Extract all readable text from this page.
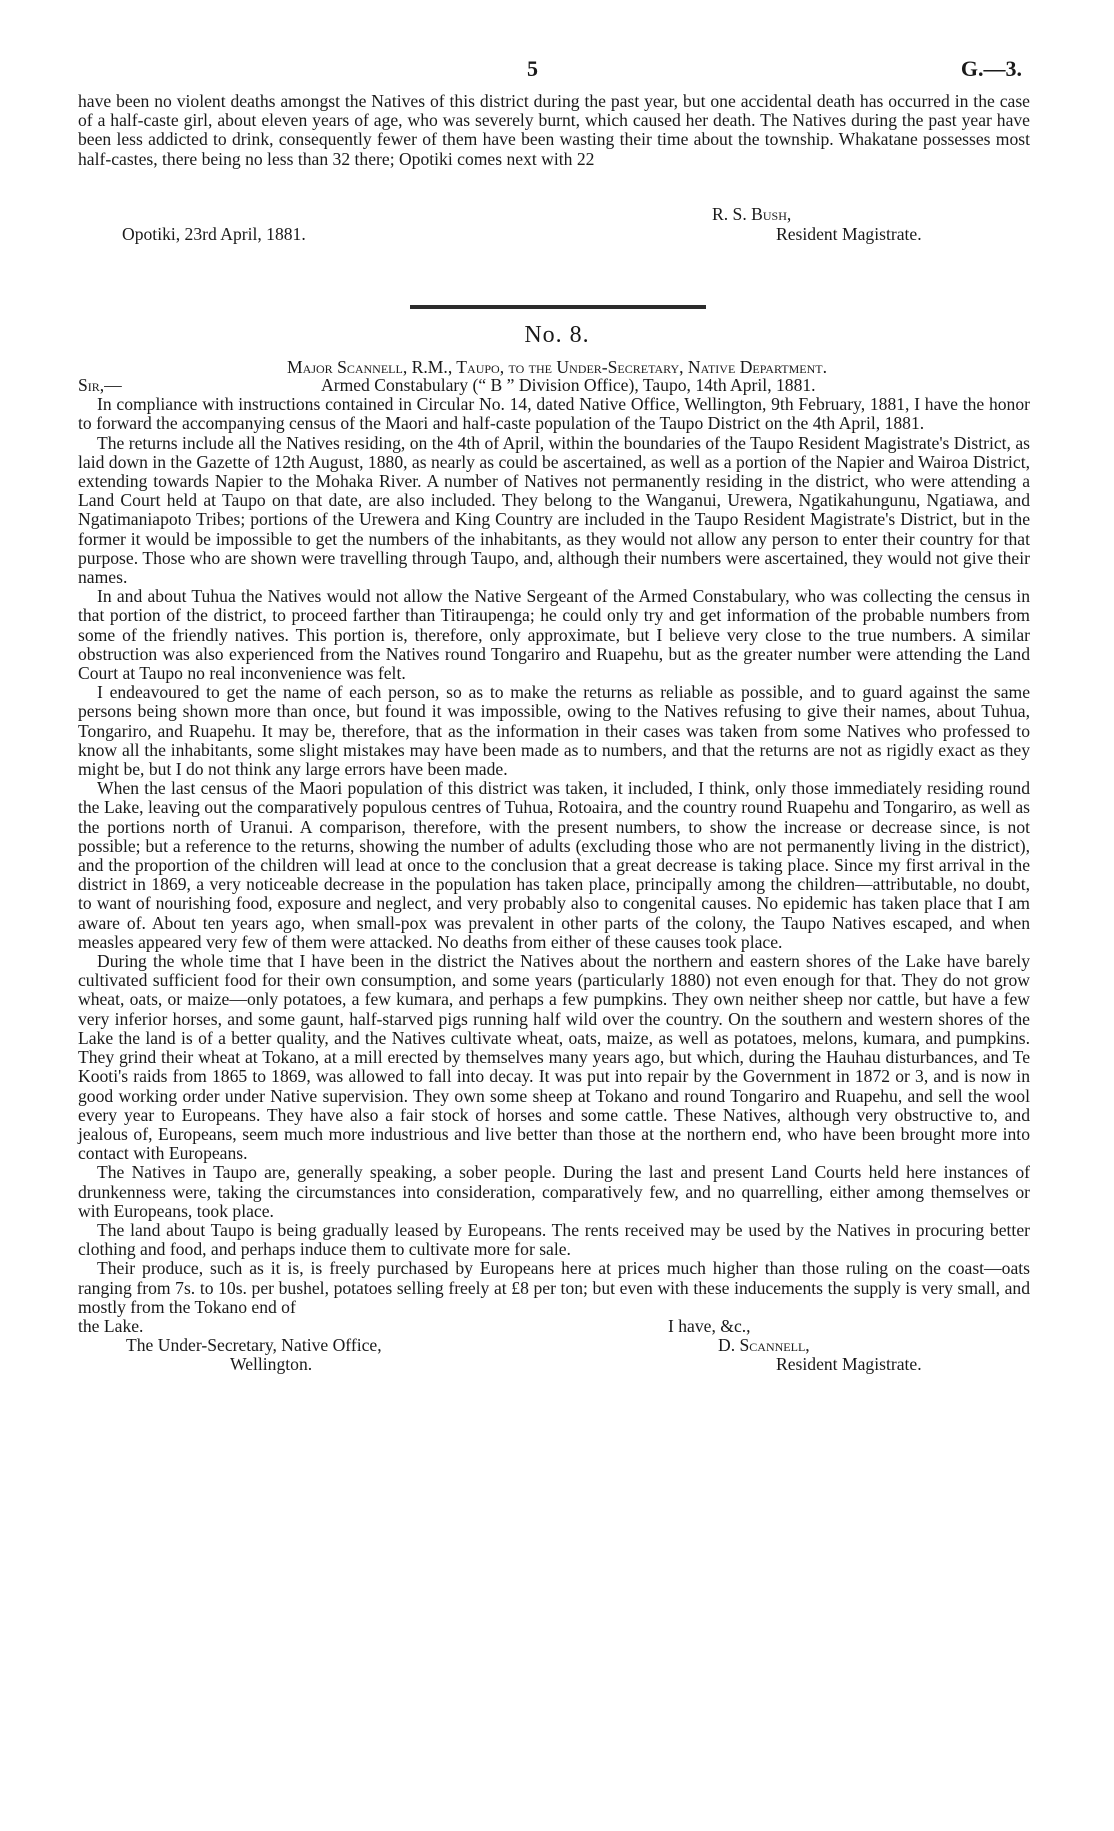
5	G.—3.

have been no violent deaths amongst the Natives of this district during the past year, but one accidental death has occurred in the case of a half-caste girl, about eleven years of age, who was severely burnt, which caused her death. The Natives during the past year have been less addicted to drink, consequently fewer of them have been wasting their time about the township. Whakatane possesses most half-castes, there being no less than 32 there; Opotiki comes next with 22

R. S. Bush,
Opotiki, 23rd April, 1881.	Resident Magistrate.
No. 8.
Major Scannell, R.M., Taupo, to the Under-Secretary, Native Department.
Sir,—	Armed Constabulary (“ B ” Division Office), Taupo, 14th April, 1881.

In compliance with instructions contained in Circular No. 14, dated Native Office, Wellington, 9th February, 1881, I have the honor to forward the accompanying census of the Maori and half-caste population of the Taupo District on the 4th April, 1881.

The returns include all the Natives residing, on the 4th of April, within the boundaries of the Taupo Resident Magistrate's District, as laid down in the Gazette of 12th August, 1880, as nearly as could be ascertained, as well as a portion of the Napier and Wairoa District, extending towards Napier to the Mohaka River. A number of Natives not permanently residing in the district, who were attending a Land Court held at Taupo on that date, are also included. They belong to the Wanganui, Urewera, Ngatikahungunu, Ngatiawa, and Ngatimaniapoto Tribes; portions of the Urewera and King Country are included in the Taupo Resident Magistrate's District, but in the former it would be impossible to get the numbers of the inhabitants, as they would not allow any person to enter their country for that purpose. Those who are shown were travelling through Taupo, and, although their numbers were ascertained, they would not give their names.

In and about Tuhua the Natives would not allow the Native Sergeant of the Armed Constabulary, who was collecting the census in that portion of the district, to proceed farther than Titiraupenga; he could only try and get information of the probable numbers from some of the friendly natives. This portion is, therefore, only approximate, but I believe very close to the true numbers. A similar obstruction was also experienced from the Natives round Tongariro and Ruapehu, but as the greater number were attending the Land Court at Taupo no real inconvenience was felt.

I endeavoured to get the name of each person, so as to make the returns as reliable as possible, and to guard against the same persons being shown more than once, but found it was impossible, owing to the Natives refusing to give their names, about Tuhua, Tongariro, and Ruapehu. It may be, therefore, that as the information in their cases was taken from some Natives who professed to know all the inhabitants, some slight mistakes may have been made as to numbers, and that the returns are not as rigidly exact as they might be, but I do not think any large errors have been made.

When the last census of the Maori population of this district was taken, it included, I think, only those immediately residing round the Lake, leaving out the comparatively populous centres of Tuhua, Rotoaira, and the country round Ruapehu and Tongariro, as well as the portions north of Uranui. A comparison, therefore, with the present numbers, to show the increase or decrease since, is not possible; but a reference to the returns, showing the number of adults (excluding those who are not permanently living in the district), and the proportion of the children will lead at once to the conclusion that a great decrease is taking place. Since my first arrival in the district in 1869, a very noticeable decrease in the population has taken place, principally among the children—attributable, no doubt, to want of nourishing food, exposure and neglect, and very probably also to congenital causes. No epidemic has taken place that I am aware of. About ten years ago, when small-pox was prevalent in other parts of the colony, the Taupo Natives escaped, and when measles appeared very few of them were attacked. No deaths from either of these causes took place.

During the whole time that I have been in the district the Natives about the northern and eastern shores of the Lake have barely cultivated sufficient food for their own consumption, and some years (particularly 1880) not even enough for that. They do not grow wheat, oats, or maize—only potatoes, a few kumara, and perhaps a few pumpkins. They own neither sheep nor cattle, but have a few very inferior horses, and some gaunt, half-starved pigs running half wild over the country. On the southern and western shores of the Lake the land is of a better quality, and the Natives cultivate wheat, oats, maize, as well as potatoes, melons, kumara, and pumpkins. They grind their wheat at Tokano, at a mill erected by themselves many years ago, but which, during the Hauhau disturbances, and Te Kooti's raids from 1865 to 1869, was allowed to fall into decay. It was put into repair by the Government in 1872 or 3, and is now in good working order under Native supervision. They own some sheep at Tokano and round Tongariro and Ruapehu, and sell the wool every year to Europeans. They have also a fair stock of horses and some cattle. These Natives, although very obstructive to, and jealous of, Europeans, seem much more industrious and live better than those at the northern end, who have been brought more into contact with Europeans.

The Natives in Taupo are, generally speaking, a sober people. During the last and present Land Courts held here instances of drunkenness were, taking the circumstances into consideration, comparatively few, and no quarrelling, either among themselves or with Europeans, took place.

The land about Taupo is being gradually leased by Europeans. The rents received may be used by the Natives in procuring better clothing and food, and perhaps induce them to cultivate more for sale.

Their produce, such as it is, is freely purchased by Europeans here at prices much higher than those ruling on the coast—oats ranging from 7s. to 10s. per bushel, potatoes selling freely at £8 per ton; but even with these inducements the supply is very small, and mostly from the Tokano end of

the Lake.	I have, &c.,
The Under-Secretary, Native Office,	D. Scannell,
Wellington.	Resident Magistrate.
